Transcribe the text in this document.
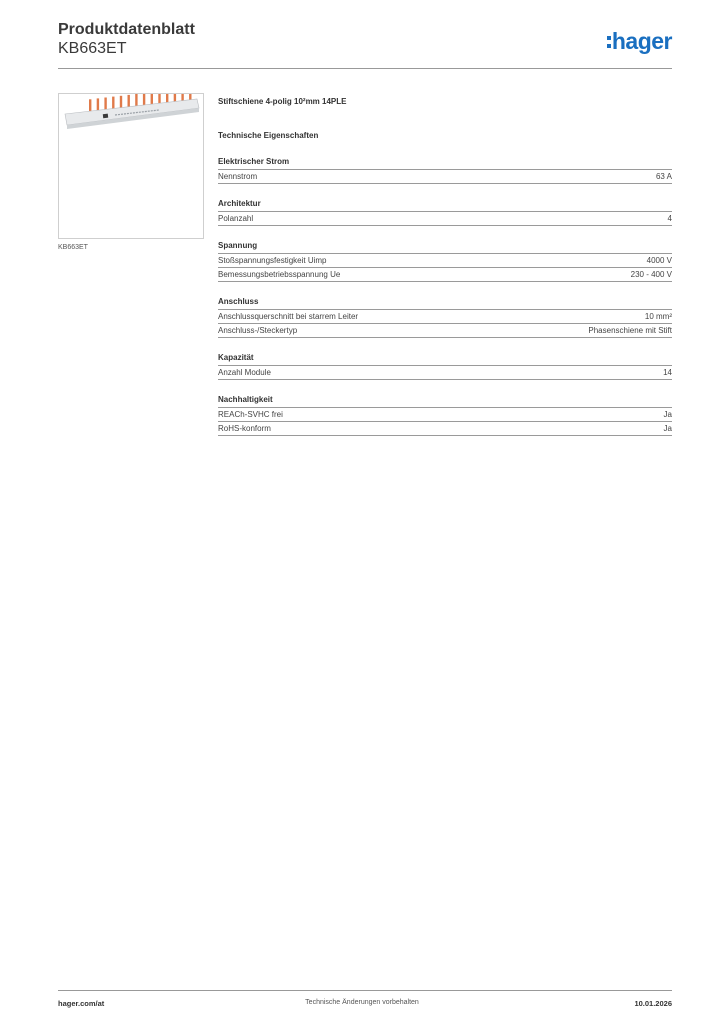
Produktdatenblatt
KB663ET	hager
KB663ET
Stiftschiene 4-polig 10²mm 14PLE
Technische Eigenschaften
Elektrischer Strom
Nennstrom	63 A
Architektur
Polanzahl	4
Spannung
Stoßspannungsfestigkeit Uimp	4000 V
Bemessungsbetriebsspannung Ue	230 - 400 V
Anschluss
Anschlussquerschnitt bei starrem Leiter	10 mm²
Anschluss-/Steckertyp	Phasenschiene mit Stift
Kapazität
Anzahl Module	14
Nachhaltigkeit
REACh-SVHC frei	Ja
RoHS-konform	Ja
hager.com/at	Technische Änderungen vorbehalten	10.01.2026
